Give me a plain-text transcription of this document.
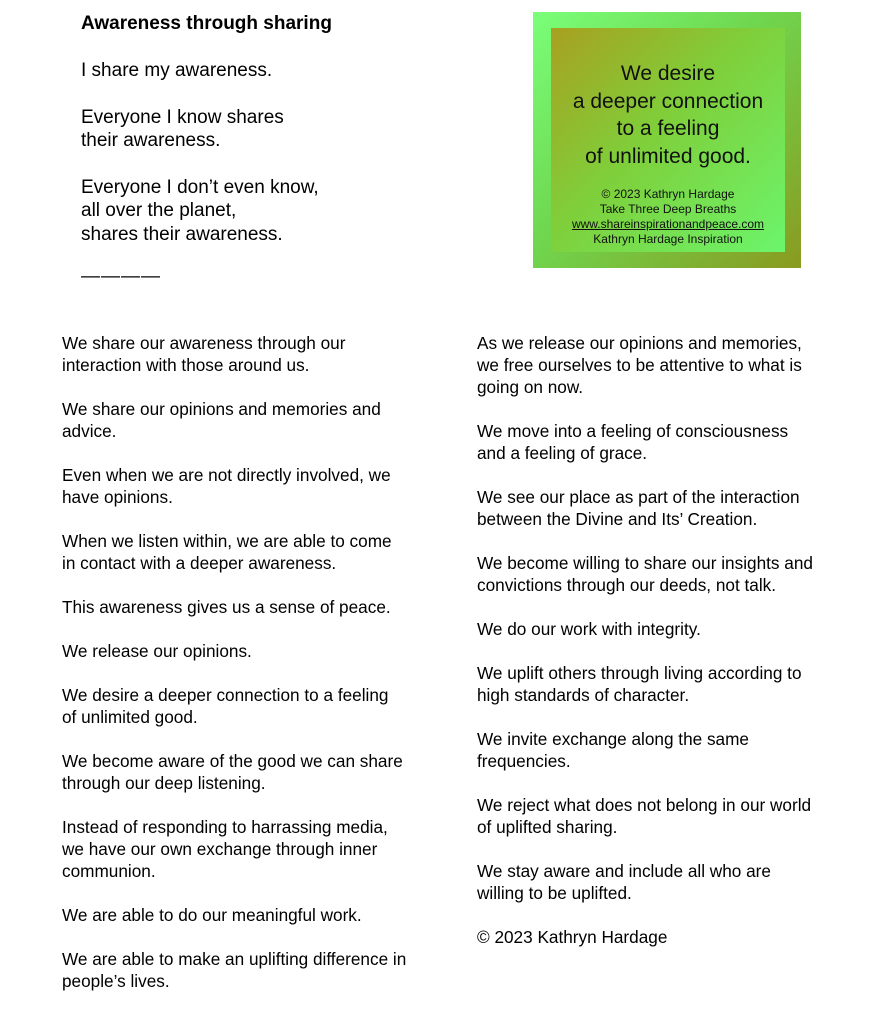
Awareness through sharing
I share my awareness.
Everyone I know shares
their awareness.
Everyone I don’t even know,
all over the planet,
shares their awareness.
————
We desire
a deeper connection
to a feeling
of unlimited good.
© 2023 Kathryn Hardage
Take Three Deep Breaths
www.shareinspirationandpeace.com
Kathryn Hardage Inspiration
We share our awareness through our
interaction with those around us.
We share our opinions and memories and
advice.
Even when we are not directly involved, we
have opinions.
When we listen within, we are able to come
in contact with a deeper awareness.
This awareness gives us a sense of peace.
We release our opinions.
We desire a deeper connection to a feeling
of unlimited good.
We become aware of the good we can share
through our deep listening.
Instead of responding to harrassing media,
we have our own exchange through inner
communion.
We are able to do our meaningful work.
We are able to make an uplifting difference in
people’s lives.
As we release our opinions and memories,
we free ourselves to be attentive to what is
going on now.
We move into a feeling of consciousness
and a feeling of grace.
We see our place as part of the interaction
between the Divine and Its’ Creation.
We become willing to share our insights and
convictions through our deeds, not talk.
We do our work with integrity.
We uplift others through living according to
high standards of character.
We invite exchange along the same
frequencies.
We reject what does not belong in our world
of uplifted sharing.
We stay aware and include all who are
willing to be uplifted.
© 2023 Kathryn Hardage
